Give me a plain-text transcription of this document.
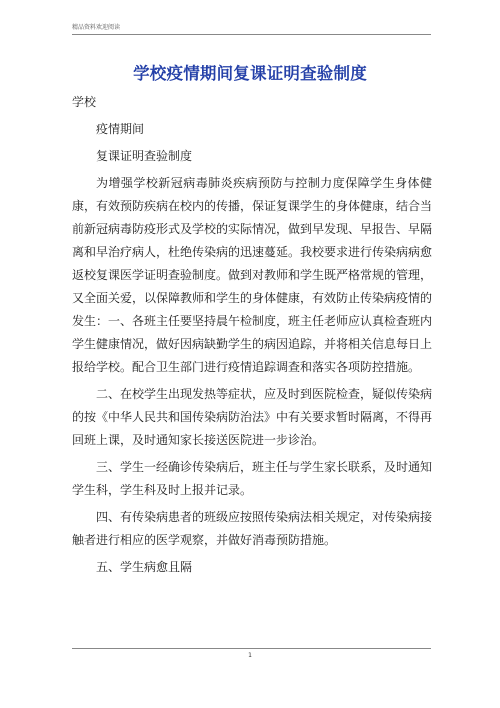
精品资料欢迎阅读
学校疫情期间复课证明查验制度

学校

疫情期间

复课证明查验制度

为增强学校新冠病毒肺炎疾病预防与控制力度保障学生身体健康，有效预防疾病在校内的传播，保证复课学生的身体健康，结合当前新冠病毒防疫形式及学校的实际情况，做到早发现、早报告、早隔离和早治疗病人，杜绝传染病的迅速蔓延。我校要求进行传染病病愈返校复课医学证明查验制度。做到对教师和学生既严格常规的管理，又全面关爱，以保障教师和学生的身体健康，有效防止传染病疫情的发生：一、各班主任要坚持晨午检制度，班主任老师应认真检查班内学生健康情况，做好因病缺勤学生的病因追踪，并将相关信息每日上报给学校。配合卫生部门进行疫情追踪调查和落实各项防控措施。

二、在校学生出现发热等症状，应及时到医院检查，疑似传染病的按《中华人民共和国传染病防治法》中有关要求暂时隔离，不得再回班上课，及时通知家长接送医院进一步诊治。

三、学生一经确诊传染病后，班主任与学生家长联系，及时通知学生科，学生科及时上报并记录。

四、有传染病患者的班级应按照传染病法相关规定，对传染病接触者进行相应的医学观察，并做好消毒预防措施。

五、学生病愈且隔

1
